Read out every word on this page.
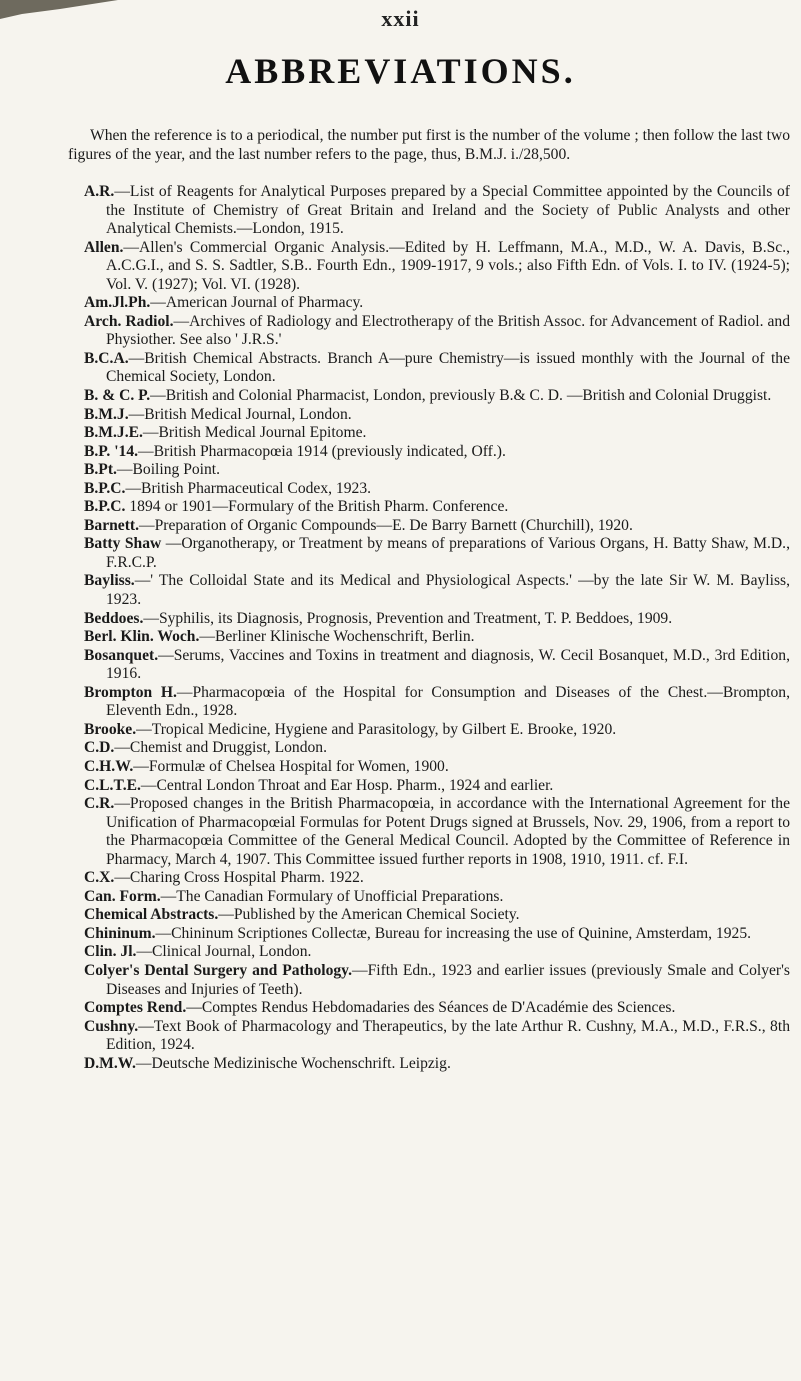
xxii
ABBREVIATIONS.

When the reference is to a periodical, the number put first is the number of the volume ; then follow the last two figures of the year, and the last number refers to the page, thus, B.M.J. i./28,500.

A.R.—List of Reagents for Analytical Purposes prepared by a Special Committee appointed by the Councils of the Institute of Chemistry of Great Britain and Ireland and the Society of Public Analysts and other Analytical Chemists.—London, 1915.

Allen.—Allen's Commercial Organic Analysis.—Edited by H. Leffmann, M.A., M.D., W. A. Davis, B.Sc., A.C.G.I., and S. S. Sadtler, S.B.. Fourth Edn., 1909-1917, 9 vols.; also Fifth Edn. of Vols. I. to IV. (1924-5); Vol. V. (1927); Vol. VI. (1928).

Am.Jl.Ph.—American Journal of Pharmacy.

Arch. Radiol.—Archives of Radiology and Electrotherapy of the British Assoc. for Advancement of Radiol. and Physiother. See also ' J.R.S.'

B.C.A.—British Chemical Abstracts. Branch A—pure Chemistry—is issued monthly with the Journal of the Chemical Society, London.

B. & C. P.—British and Colonial Pharmacist, London, previously B.& C. D. —British and Colonial Druggist.

B.M.J.—British Medical Journal, London.

B.M.J.E.—British Medical Journal Epitome.

B.P. '14.—British Pharmacopœia 1914 (previously indicated, Off.).

B.Pt.—Boiling Point.

B.P.C.—British Pharmaceutical Codex, 1923.

B.P.C. 1894 or 1901—Formulary of the British Pharm. Conference.

Barnett.—Preparation of Organic Compounds—E. De Barry Barnett (Churchill), 1920.

Batty Shaw —Organotherapy, or Treatment by means of preparations of Various Organs, H. Batty Shaw, M.D., F.R.C.P.

Bayliss.—' The Colloidal State and its Medical and Physiological Aspects.' —by the late Sir W. M. Bayliss, 1923.

Beddoes.—Syphilis, its Diagnosis, Prognosis, Prevention and Treatment, T. P. Beddoes, 1909.

Berl. Klin. Woch.—Berliner Klinische Wochenschrift, Berlin.

Bosanquet.—Serums, Vaccines and Toxins in treatment and diagnosis, W. Cecil Bosanquet, M.D., 3rd Edition, 1916.

Brompton H.—Pharmacopœia of the Hospital for Consumption and Diseases of the Chest.—Brompton, Eleventh Edn., 1928.

Brooke.—Tropical Medicine, Hygiene and Parasitology, by Gilbert E. Brooke, 1920.

C.D.—Chemist and Druggist, London.

C.H.W.—Formulæ of Chelsea Hospital for Women, 1900.

C.L.T.E.—Central London Throat and Ear Hosp. Pharm., 1924 and earlier.

C.R.—Proposed changes in the British Pharmacopœia, in accordance with the International Agreement for the Unification of Pharmacopœial Formulas for Potent Drugs signed at Brussels, Nov. 29, 1906, from a report to the Pharmacopœia Committee of the General Medical Council. Adopted by the Committee of Reference in Pharmacy, March 4, 1907. This Committee issued further reports in 1908, 1910, 1911. cf. F.I.

C.X.—Charing Cross Hospital Pharm. 1922.

Can. Form.—The Canadian Formulary of Unofficial Preparations.

Chemical Abstracts.—Published by the American Chemical Society.

Chininum.—Chininum Scriptiones Collectæ, Bureau for increasing the use of Quinine, Amsterdam, 1925.

Clin. Jl.—Clinical Journal, London.

Colyer's Dental Surgery and Pathology.—Fifth Edn., 1923 and earlier issues (previously Smale and Colyer's Diseases and Injuries of Teeth).

Comptes Rend.—Comptes Rendus Hebdomadaries des Séances de D'Académie des Sciences.

Cushny.—Text Book of Pharmacology and Therapeutics, by the late Arthur R. Cushny, M.A., M.D., F.R.S., 8th Edition, 1924.

D.M.W.—Deutsche Medizinische Wochenschrift. Leipzig.
